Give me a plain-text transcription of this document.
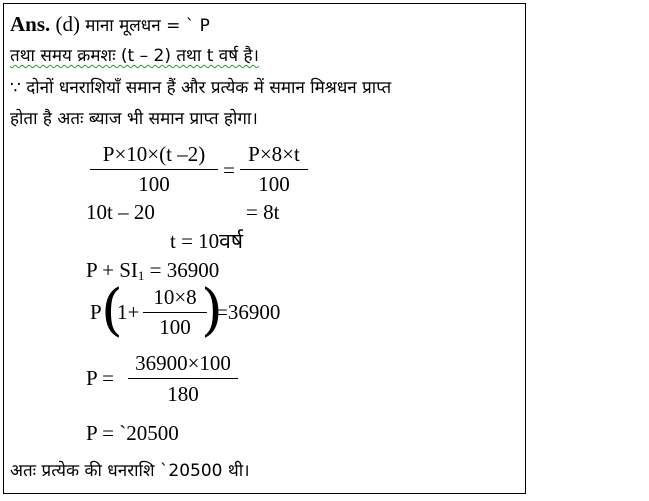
Ans. (d) माना मूलधन = ` P
तथा समय क्रमशः (t – 2) तथा t वर्ष है।
∵ दोनों धनराशियाँ समान हैं और प्रत्येक में समान मिश्रधन प्राप्त
होता है अतः ब्याज भी समान प्राप्त होगा।
P×10×(t –2)
100
=
P×8×t
100
10t – 20	= 8t
t = 10वर्ष
$P + SI_1 = 36900$
P (
1+
10×8
100 )
=36900
P =
36900×100
180
P = `20500
अतः प्रत्येक की धनराशि `20500 थी।
